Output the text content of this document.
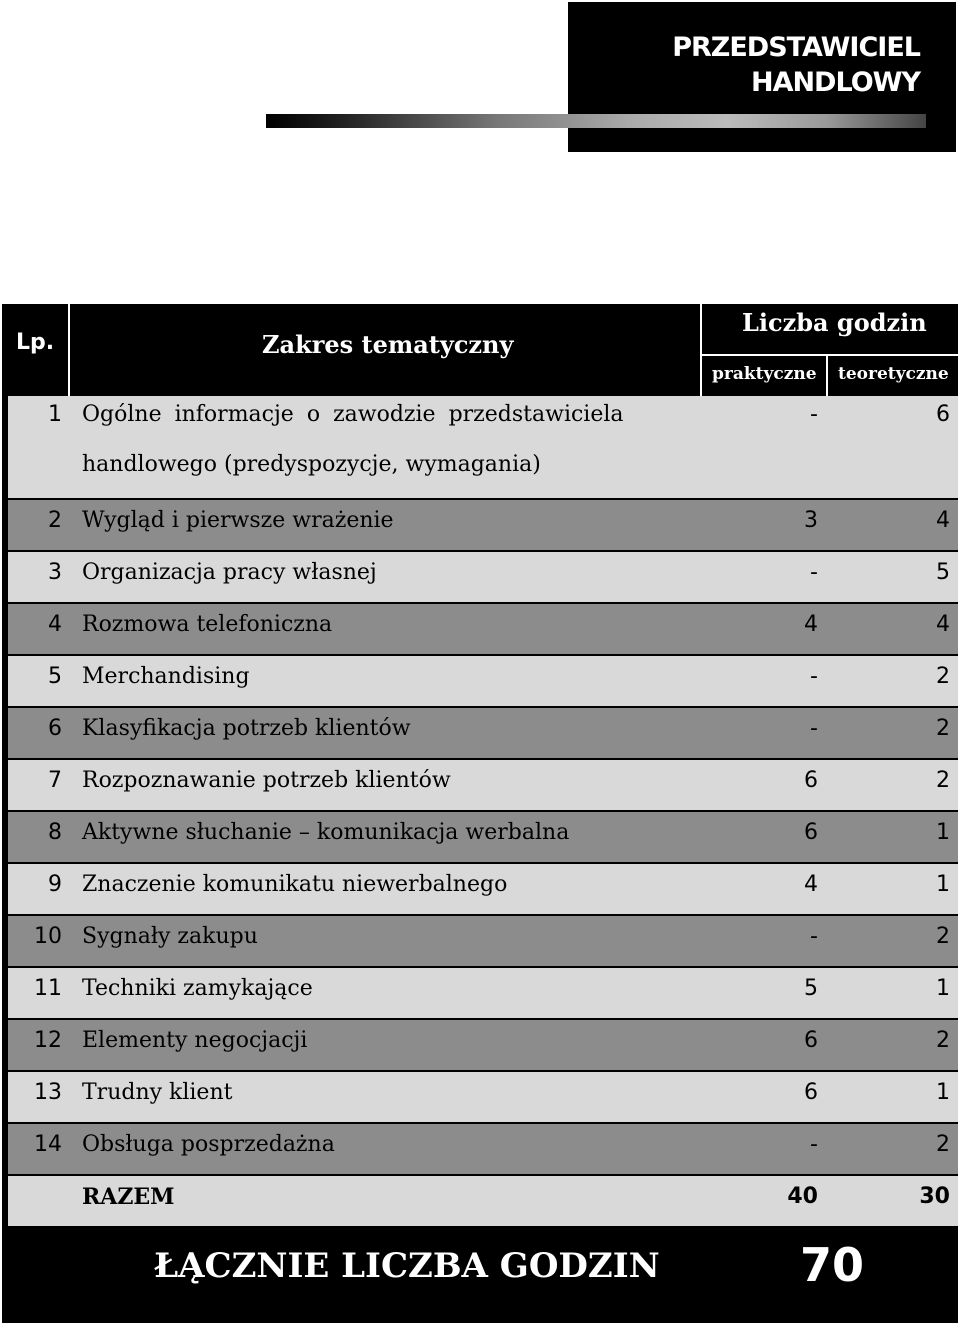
PRZEDSTAWICIEL
HANDLOWY
Lp.	Zakres tematyczny
Liczba godzin
praktyczne teoretyczne
1 Ogólne informacje o zawodzie przedstawiciela
handlowego (predyspozycje, wymagania)
-	6
2 Wygląd i pierwsze wrażenie	3	4
3 Organizacja pracy własnej	-	5
4 Rozmowa telefoniczna	4	4
5 Merchandising	-	2
6 Klasyfikacja potrzeb klientów	-	2
7 Rozpoznawanie potrzeb klientów	6	2
8 Aktywne słuchanie – komunikacja werbalna	6	1
9 Znaczenie komunikatu niewerbalnego	4	1
10 Sygnały zakupu	-	2
11 Techniki zamykające	5	1
12 Elementy negocjacji	6	2
13 Trudny klient	6	1
14 Obsługa posprzedażna	-	2
RAZEM	40	30
ŁĄCZNIE LICZBA GODZIN	70
